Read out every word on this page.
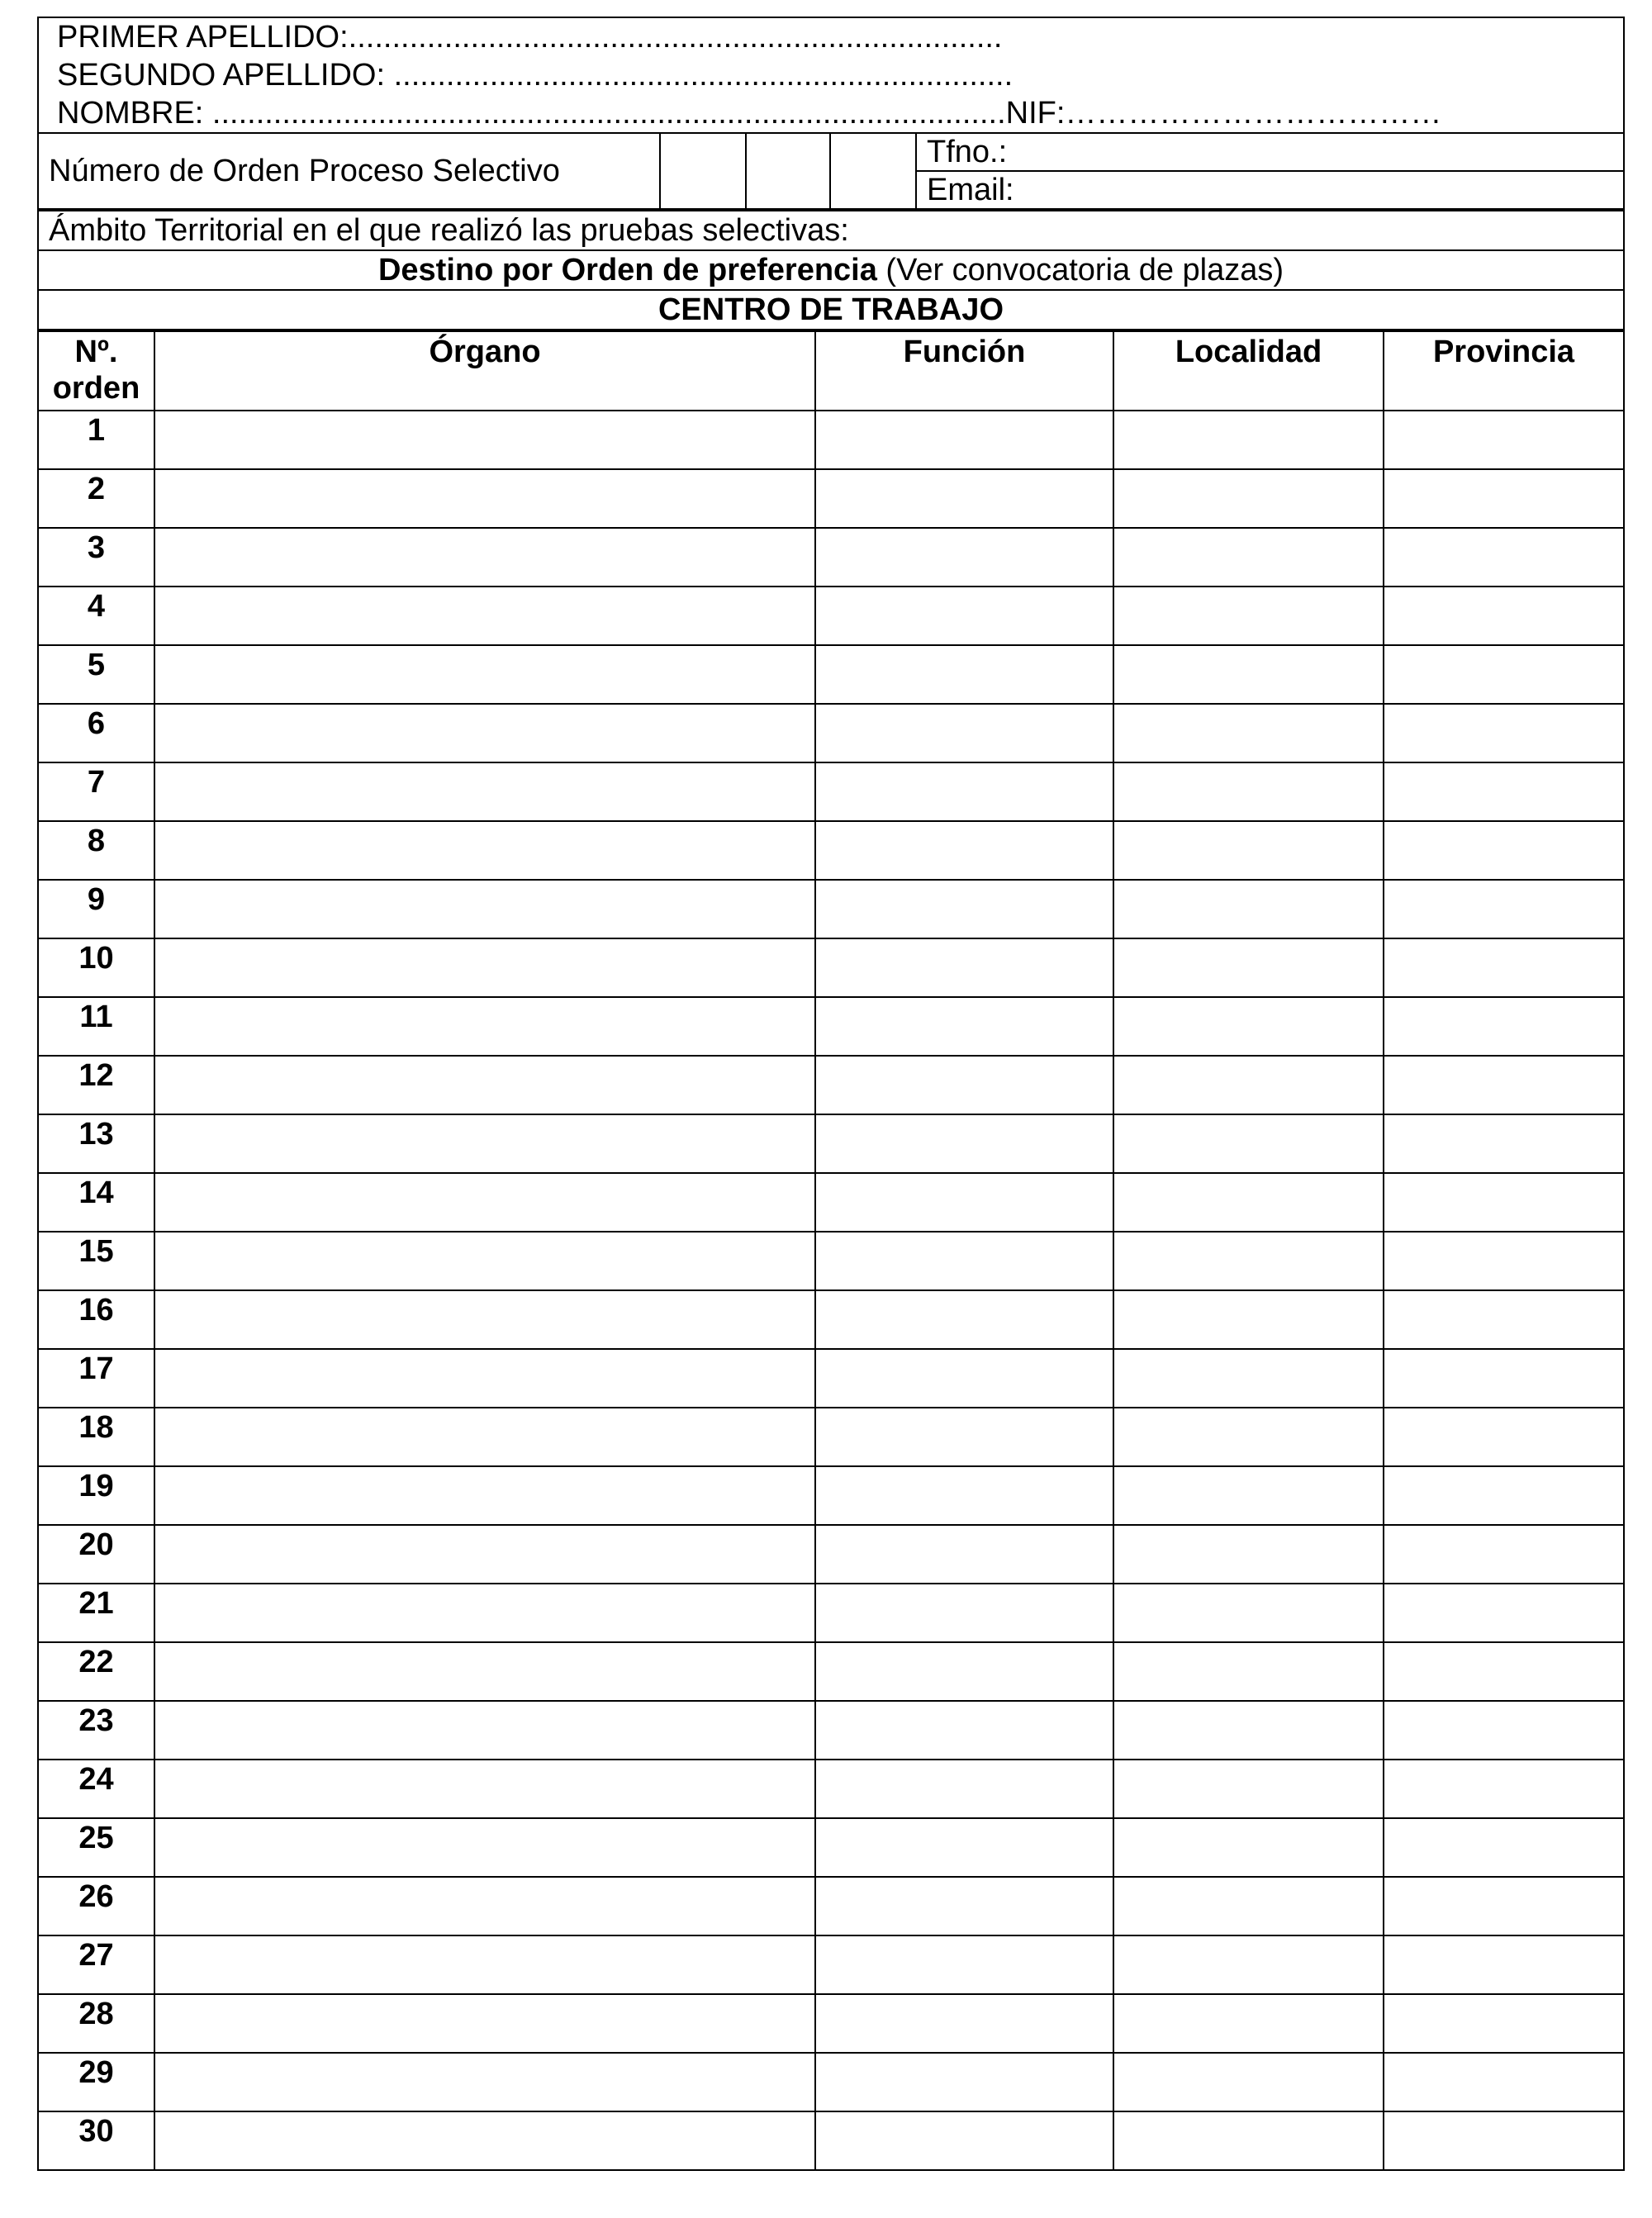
PRIMER APELLIDO:...........................................................................
SEGUNDO APELLIDO: .......................................................................
NOMBRE: ...........................................................................................NIF:………………………………
Número de Orden Proceso Selectivo				Tfno.:
Email:
Ámbito Territorial en el que realizó las pruebas selectivas:
Destino por Orden de preferencia (Ver convocatoria de plazas)
CENTRO DE TRABAJO
Nº. orden	Órgano	Función	Localidad	Provincia
1				
2				
3				
4				
5				
6				
7				
8				
9				
10				
11				
12				
13				
14				
15				
16				
17				
18				
19				
20				
21				
22				
23				
24				
25				
26				
27				
28				
29				
30				
